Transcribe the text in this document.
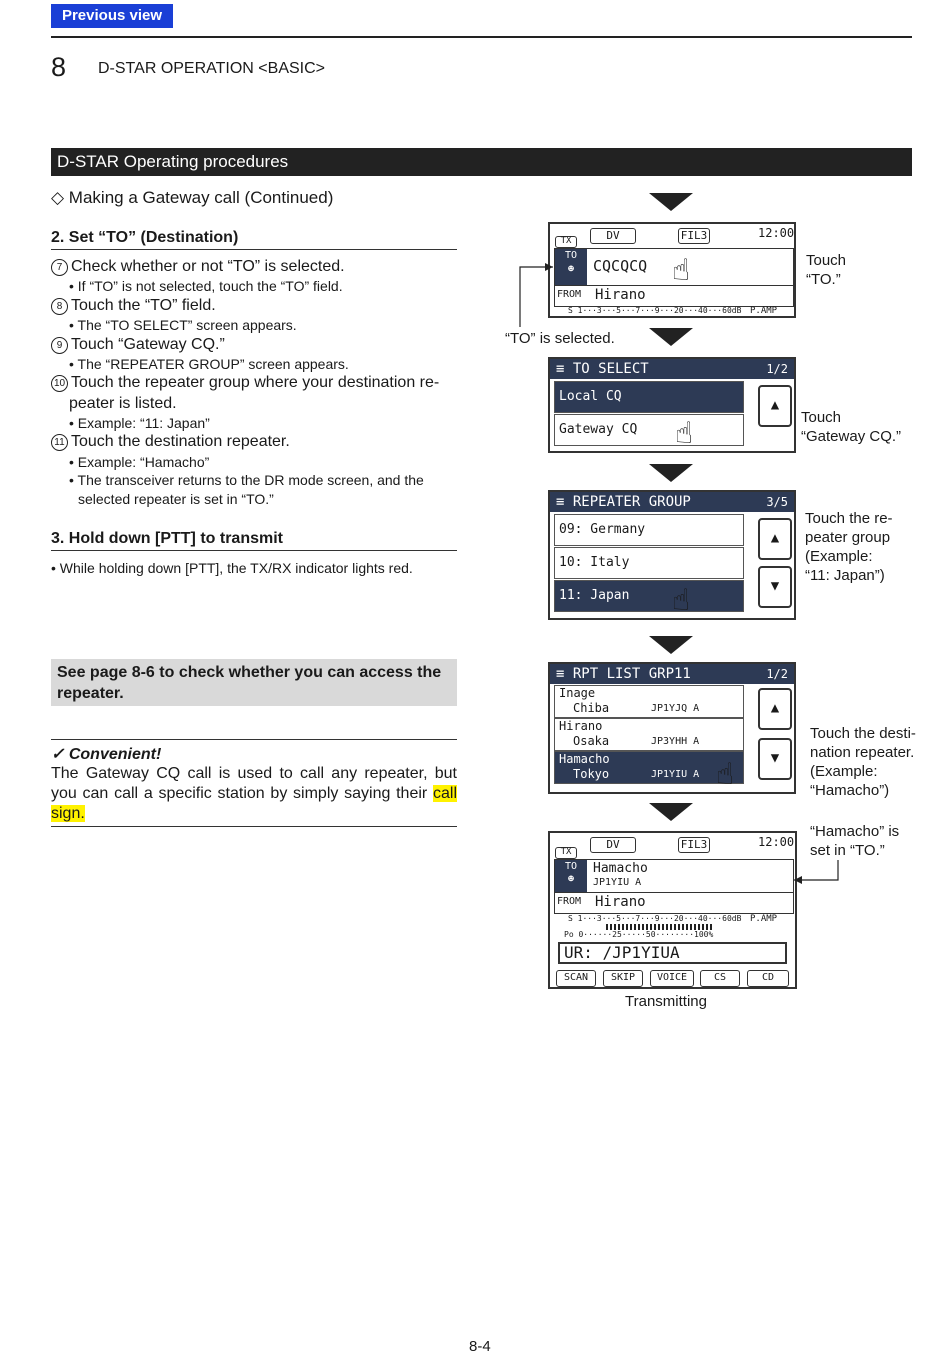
Previous view
8 D-STAR OPERATION <BASIC>
D-STAR Operating procedures
◇ Making a Gateway call (Continued)
2. Set “TO” (Destination)
7 Check whether or not “TO” is selected.
• If “TO” is not selected, touch the “TO” field.
8 Touch the “TO” field.
• The “TO SELECT” screen appears.
9 Touch “Gateway CQ.”
• The “REPEATER GROUP” screen appears.
10 Touch the repeater group where your destination re-
peater is listed.
• Example: “11: Japan”
11 Touch the destination repeater.
• Example: “Hamacho”
• The transceiver returns to the DR mode screen, and the
selected repeater is set in “TO.”
3. Hold down [PTT] to transmit
• While holding down [PTT], the TX/RX indicator lights red.
See page 8-6 to check whether you can access the
repeater.
✓ Convenient!
The Gateway CQ call is used to call any repeater, but you can call a specific station by simply saying their call sign.
TX	DV	FIL3	12:00
TO
☻	CQCQCQ
FROM Hirano
S 1···3···5···7···9···20···40···60dB P.AMP
☝	Touch
“TO.”
“TO” is selected.
≡ TO SELECT	1/2
Local CQ
Gateway CQ
▲
☝	Touch
“Gateway CQ.”
≡ REPEATER GROUP	3/5
09: Germany
10: Italy
11: Japan
▲
▼
☝
Touch the re-
peater group
(Example:
“11: Japan”)
≡ RPT LIST GRP11	1/2
Inage
Chiba	JP1YJQ A
Hirano
Osaka	JP3YHH A
Hamacho
Tokyo	JP1YIU A
▲
▼
☝
Touch the desti-
nation repeater.
(Example:
“Hamacho”)
TX
DV	FIL3	12:00
TO
☻
Hamacho
JP1YIU A
FROM Hirano
S 1···3···5···7···9···20···40···60dB P.AMP
Po 0······25·····50········100%
UR: /JP1YIUA
SCAN	SKIP	VOICE	CS	CD
“Hamacho” is
set in “TO.”
Transmitting
8-4
